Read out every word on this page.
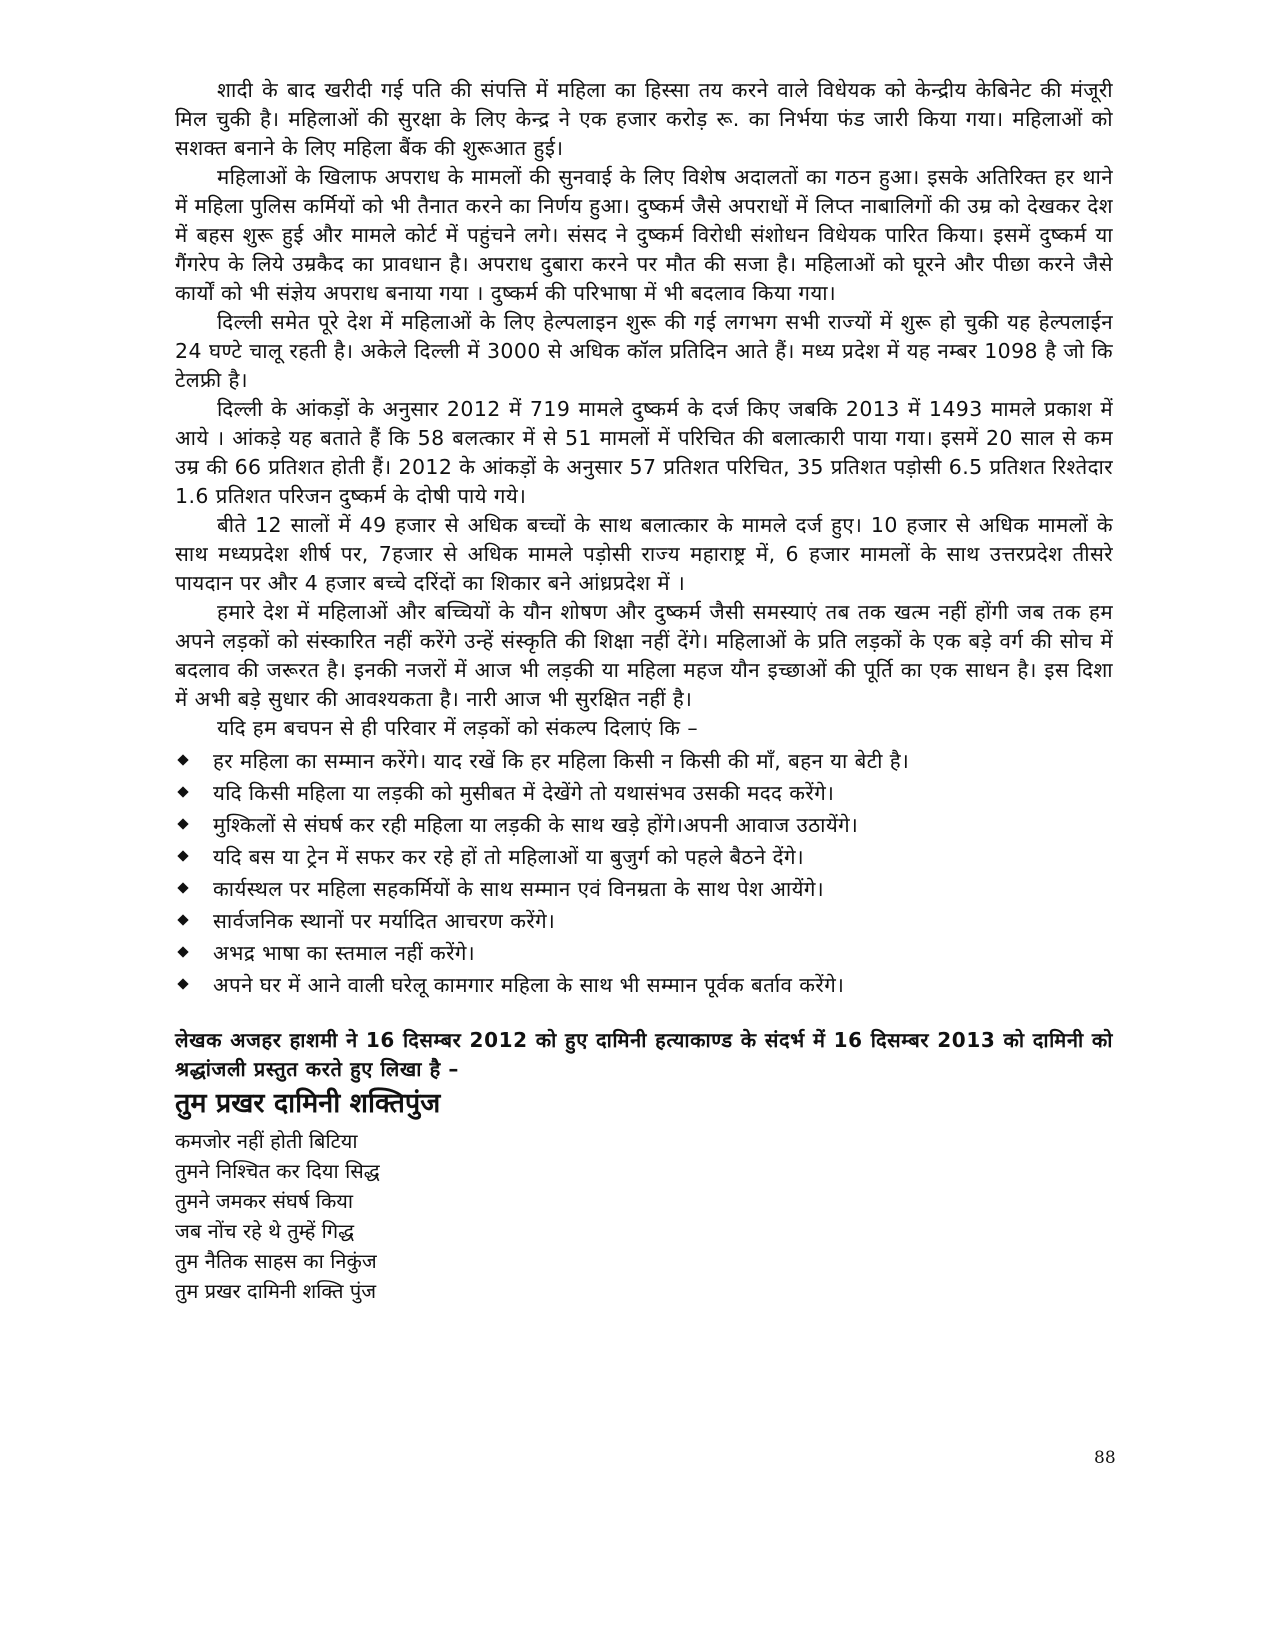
शादी के बाद खरीदी गई पति की संपत्ति में महिला का हिस्सा तय करने वाले विधेयक को केन्द्रीय केबिनेट की मंजूरी मिल चुकी है। महिलाओं की सुरक्षा के लिए केन्द्र ने एक हजार करोड़ रू. का निर्भया फंड जारी किया गया। महिलाओं को सशक्त बनाने के लिए महिला बैंक की शुरूआत हुई।

महिलाओं के खिलाफ अपराध के मामलों की सुनवाई के लिए विशेष अदालतों का गठन हुआ। इसके अतिरिक्त हर थाने में महिला पुलिस कर्मियों को भी तैनात करने का निर्णय हुआ। दुष्कर्म जैसे अपराधों में लिप्त नाबालिगों की उम्र को देखकर देश में बहस शुरू हुई और मामले कोर्ट में पहुंचने लगे। संसद ने दुष्कर्म विरोधी संशोधन विधेयक पारित किया। इसमें दुष्कर्म या गैंगरेप के लिये उम्रकैद का प्रावधान है। अपराध दुबारा करने पर मौत की सजा है। महिलाओं को घूरने और पीछा करने जैसे कार्यों को भी संज्ञेय अपराध बनाया गया । दुष्कर्म की परिभाषा में भी बदलाव किया गया।

दिल्ली समेत पूरे देश में महिलाओं के लिए हेल्पलाइन शुरू की गई लगभग सभी राज्यों में शुरू हो चुकी यह हेल्पलाईन 24 घण्टे चालू रहती है। अकेले दिल्ली में 3000 से अधिक कॉल प्रतिदिन आते हैं। मध्य प्रदेश में यह नम्बर 1098 है जो कि टेलफ्री है।

दिल्ली के आंकड़ों के अनुसार 2012 में 719 मामले दुष्कर्म के दर्ज किए जबकि 2013 में 1493 मामले प्रकाश में आये । आंकड़े यह बताते हैं कि 58 बलत्कार में से 51 मामलों में परिचित की बलात्कारी पाया गया। इसमें 20 साल से कम उम्र की 66 प्रतिशत होती हैं। 2012 के आंकड़ों के अनुसार 57 प्रतिशत परिचित, 35 प्रतिशत पड़ोसी 6.5 प्रतिशत रिश्तेदार 1.6 प्रतिशत परिजन दुष्कर्म के दोषी पाये गये।

बीते 12 सालों में 49 हजार से अधिक बच्चों के साथ बलात्कार के मामले दर्ज हुए। 10 हजार से अधिक मामलों के साथ मध्यप्रदेश शीर्ष पर, 7हजार से अधिक मामले पड़ोसी राज्य महाराष्ट्र में, 6 हजार मामलों के साथ उत्तरप्रदेश तीसरे पायदान पर और 4 हजार बच्चे दरिंदों का शिकार बने आंध्रप्रदेश में ।

हमारे देश में महिलाओं और बच्चियों के यौन शोषण और दुष्कर्म जैसी समस्याएं तब तक खत्म नहीं होंगी जब तक हम अपने लड़कों को संस्कारित नहीं करेंगे उन्हें संस्कृति की शिक्षा नहीं देंगे। महिलाओं के प्रति लड़कों के एक बड़े वर्ग की सोच में बदलाव की जरूरत है। इनकी नजरों में आज भी लड़की या महिला महज यौन इच्छाओं की पूर्ति का एक साधन है। इस दिशा में अभी बड़े सुधार की आवश्यकता है। नारी आज भी सुरक्षित नहीं है।

यदि हम बचपन से ही परिवार में लड़कों को संकल्प दिलाएं कि –

हर महिला का सम्मान करेंगे। याद रखें कि हर महिला किसी न किसी की माँ, बहन या बेटी है।
यदि किसी महिला या लड़की को मुसीबत में देखेंगे तो यथासंभव उसकी मदद करेंगे।
मुश्किलों से संघर्ष कर रही महिला या लड़की के साथ खड़े होंगे।अपनी आवाज उठायेंगे।
यदि बस या ट्रेन में सफर कर रहे हों तो महिलाओं या बुजुर्ग को पहले बैठने देंगे।
कार्यस्थल पर महिला सहकर्मियों के साथ सम्मान एवं विनम्रता के साथ पेश आयेंगे।
सार्वजनिक स्थानों पर मर्यादित आचरण करेंगे।
अभद्र भाषा का स्तमाल नहीं करेंगे।
अपने घर में आने वाली घरेलू कामगार महिला के साथ भी सम्मान पूर्वक बर्ताव करेंगे।

लेखक अजहर हाशमी ने 16 दिसम्बर 2012 को हुए दामिनी हत्याकाण्ड के संदर्भ में 16 दिसम्बर 2013 को दामिनी को श्रद्धांजली प्रस्तुत करते हुए लिखा है –

तुम प्रखर दामिनी शक्तिपुंज
कमजोर नहीं होती बिटिया
तुमने निश्चित कर दिया सिद्ध
तुमने जमकर संघर्ष किया
जब नोंच रहे थे तुम्हें गिद्ध
तुम नैतिक साहस का निकुंज
तुम प्रखर दामिनी शक्ति पुंज
88
